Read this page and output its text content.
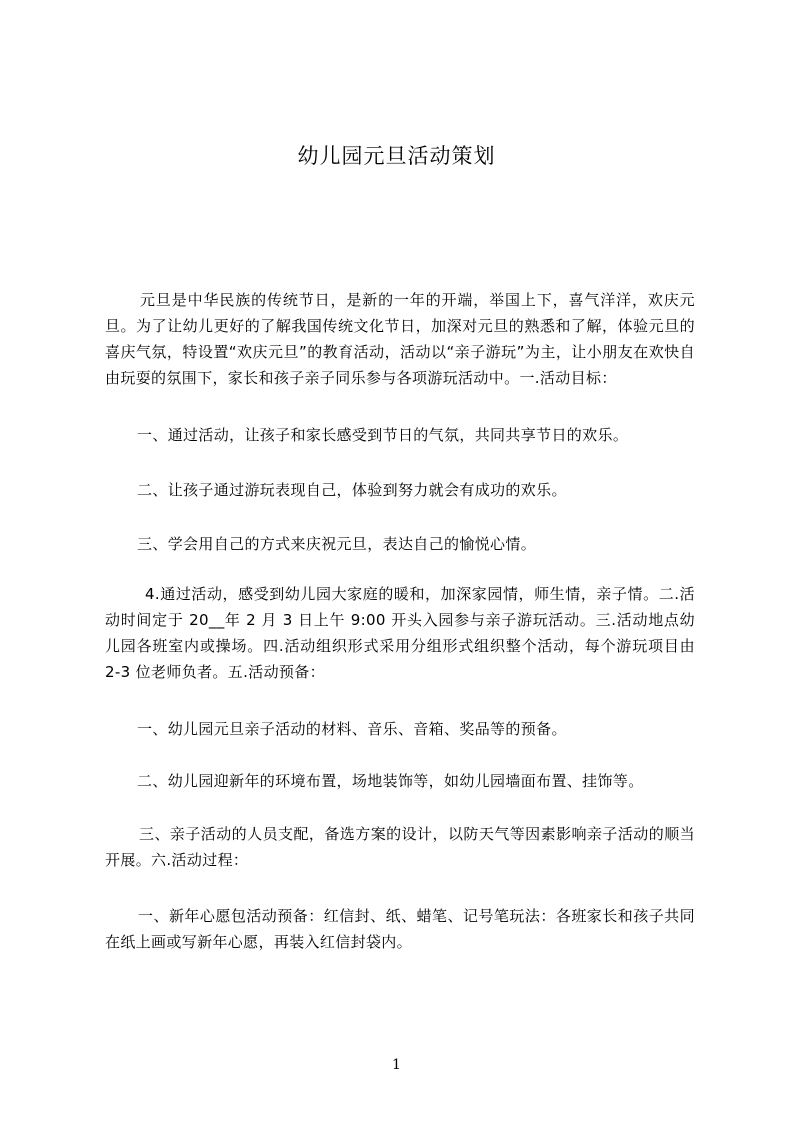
幼儿园元旦活动策划
元旦是中华民族的传统节日，是新的一年的开端，举国上下，喜气洋洋，欢庆元旦。为了让幼儿更好的了解我国传统文化节日，加深对元旦的熟悉和了解，体验元旦的喜庆气氛，特设置“欢庆元旦”的教育活动，活动以“亲子游玩”为主，让小朋友在欢快自由玩耍的氛围下，家长和孩子亲子同乐参与各项游玩活动中。一.活动目标：
一、通过活动，让孩子和家长感受到节日的气氛，共同共享节日的欢乐。
二、让孩子通过游玩表现自己，体验到努力就会有成功的欢乐。
三、学会用自己的方式来庆祝元旦，表达自己的愉悦心情。
4.通过活动，感受到幼儿园大家庭的暖和，加深家园情，师生情，亲子情。二.活动时间定于 20__年 2 月 3 日上午 9:00 开头入园参与亲子游玩活动。三.活动地点幼儿园各班室内或操场。四.活动组织形式采用分组形式组织整个活动，每个游玩项目由 2-3 位老师负者。五.活动预备：
一、幼儿园元旦亲子活动的材料、音乐、音箱、奖品等的预备。
二、幼儿园迎新年的环境布置，场地装饰等，如幼儿园墙面布置、挂饰等。
三、亲子活动的人员支配，备选方案的设计，以防天气等因素影响亲子活动的顺当开展。六.活动过程：
一、新年心愿包活动预备：红信封、纸、蜡笔、记号笔玩法：各班家长和孩子共同在纸上画或写新年心愿，再装入红信封袋内。
1
